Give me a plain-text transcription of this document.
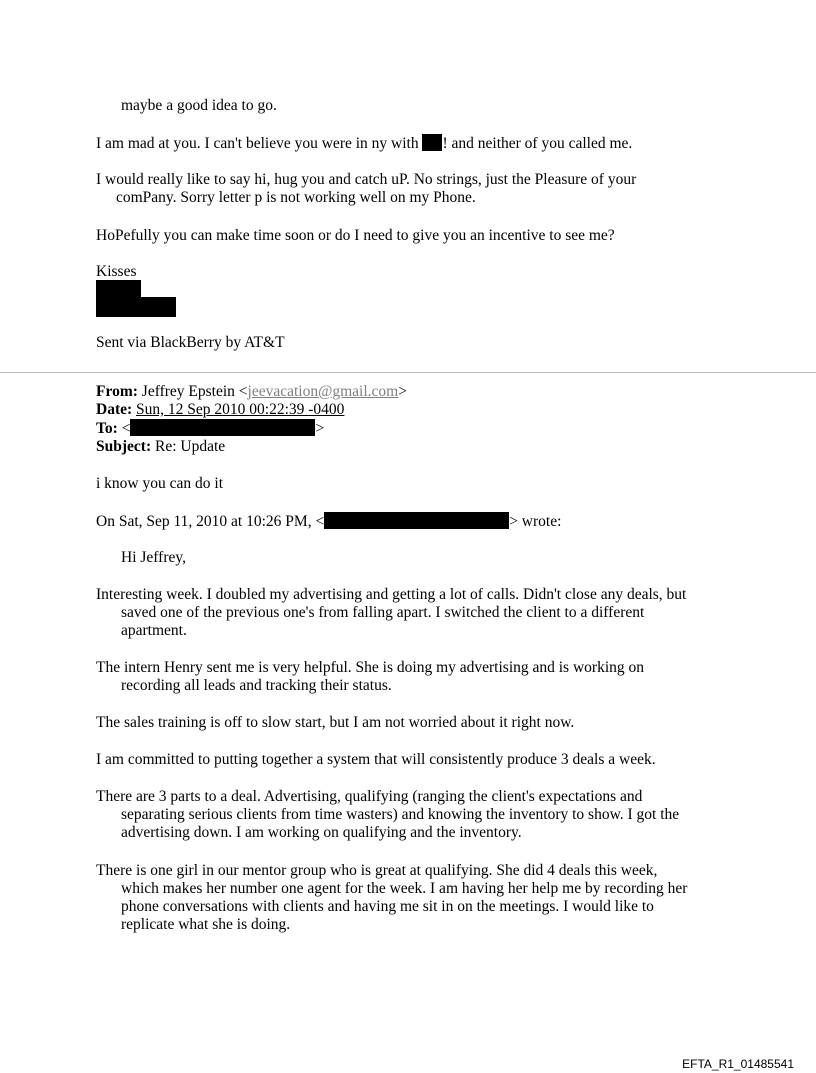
maybe a good idea to go.
I am mad at you. I can't believe you were in ny with ! and neither of you called me.
I would really like to say hi, hug you and catch uP. No strings, just the Pleasure of your
comPany. Sorry letter p is not working well on my Phone.
HoPefully you can make time soon or do I need to give you an incentive to see me?
Kisses
Sent via BlackBerry by AT&T
From: Jeffrey Epstein <jeevacation@gmail.com>
Date: Sun, 12 Sep 2010 00:22:39 -0400
To: <	>
Subject: Re: Update
i know you can do it
On Sat, Sep 11, 2010 at 10:26 PM, <	> wrote:
Hi Jeffrey,
Interesting week. I doubled my advertising and getting a lot of calls. Didn't close any deals, but
saved one of the previous one's from falling apart. I switched the client to a different
apartment.
The intern Henry sent me is very helpful. She is doing my advertising and is working on
recording all leads and tracking their status.
The sales training is off to slow start, but I am not worried about it right now.
I am committed to putting together a system that will consistently produce 3 deals a week.
There are 3 parts to a deal. Advertising, qualifying (ranging the client's expectations and
separating serious clients from time wasters) and knowing the inventory to show. I got the
advertising down. I am working on qualifying and the inventory.
There is one girl in our mentor group who is great at qualifying. She did 4 deals this week,
which makes her number one agent for the week. I am having her help me by recording her
phone conversations with clients and having me sit in on the meetings. I would like to
replicate what she is doing.
EFTA_R1_01485541
